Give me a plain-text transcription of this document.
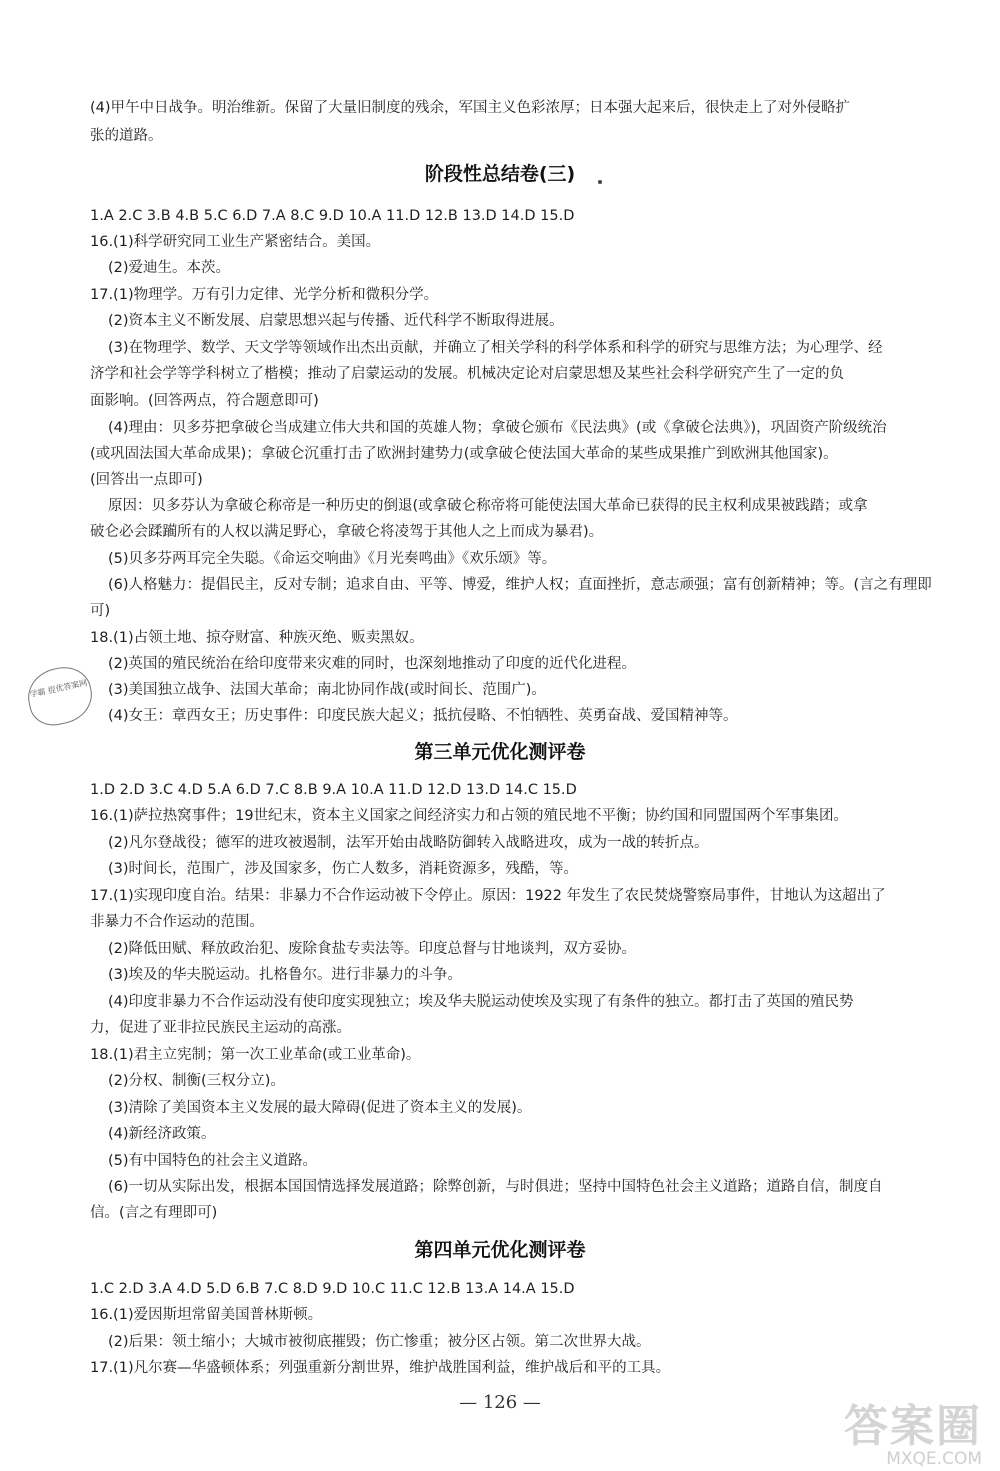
(4)甲午中日战争。明治维新。保留了大量旧制度的残余，军国主义色彩浓厚；日本强大起来后，很快走上了对外侵略扩
张的道路。
阶段性总结卷(三)
1.A 2.C 3.B 4.B 5.C 6.D 7.A 8.C 9.D 10.A 11.D 12.B 13.D 14.D 15.D
16.(1)科学研究同工业生产紧密结合。美国。
(2)爱迪生。本茨。
17.(1)物理学。万有引力定律、光学分析和微积分学。
(2)资本主义不断发展、启蒙思想兴起与传播、近代科学不断取得进展。
(3)在物理学、数学、天文学等领域作出杰出贡献，并确立了相关学科的科学体系和科学的研究与思维方法；为心理学、经
济学和社会学等学科树立了楷模；推动了启蒙运动的发展。机械决定论对启蒙思想及某些社会科学研究产生了一定的负
面影响。(回答两点，符合题意即可)
(4)理由：贝多芬把拿破仑当成建立伟大共和国的英雄人物；拿破仑颁布《民法典》(或《拿破仑法典》)，巩固资产阶级统治
(或巩固法国大革命成果)；拿破仑沉重打击了欧洲封建势力(或拿破仑使法国大革命的某些成果推广到欧洲其他国家)。
(回答出一点即可)
原因：贝多芬认为拿破仑称帝是一种历史的倒退(或拿破仑称帝将可能使法国大革命已获得的民主权利成果被践踏；或拿
破仑必会蹂躏所有的人权以满足野心，拿破仑将凌驾于其他人之上而成为暴君)。
(5)贝多芬两耳完全失聪。《命运交响曲》《月光奏鸣曲》《欢乐颂》等。
(6)人格魅力：提倡民主，反对专制；追求自由、平等、博爱，维护人权；直面挫折，意志顽强；富有创新精神；等。(言之有理即
可)
18.(1)占领土地、掠夺财富、种族灭绝、贩卖黑奴。
(2)英国的殖民统治在给印度带来灾难的同时，也深刻地推动了印度的近代化进程。
(3)美国独立战争、法国大革命；南北协同作战(或时间长、范围广)。
(4)女王：章西女王；历史事件：印度民族大起义；抵抗侵略、不怕牺牲、英勇奋战、爱国精神等。
学霸 提优答案网
第三单元优化测评卷
1.D 2.D 3.C 4.D 5.A 6.D 7.C 8.B 9.A 10.A 11.D 12.D 13.D 14.C 15.D
16.(1)萨拉热窝事件；19世纪末，资本主义国家之间经济实力和占领的殖民地不平衡；协约国和同盟国两个军事集团。
(2)凡尔登战役；德军的进攻被遏制，法军开始由战略防御转入战略进攻，成为一战的转折点。
(3)时间长，范围广，涉及国家多，伤亡人数多，消耗资源多，残酷，等。
17.(1)实现印度自治。结果：非暴力不合作运动被下令停止。原因：1922 年发生了农民焚烧警察局事件，甘地认为这超出了
非暴力不合作运动的范围。
(2)降低田赋、释放政治犯、废除食盐专卖法等。印度总督与甘地谈判，双方妥协。
(3)埃及的华夫脱运动。扎格鲁尔。进行非暴力的斗争。
(4)印度非暴力不合作运动没有使印度实现独立；埃及华夫脱运动使埃及实现了有条件的独立。都打击了英国的殖民势
力，促进了亚非拉民族民主运动的高涨。
18.(1)君主立宪制；第一次工业革命(或工业革命)。
(2)分权、制衡(三权分立)。
(3)清除了美国资本主义发展的最大障碍(促进了资本主义的发展)。
(4)新经济政策。
(5)有中国特色的社会主义道路。
(6)一切从实际出发，根据本国国情选择发展道路；除弊创新，与时俱进；坚持中国特色社会主义道路；道路自信，制度自
信。(言之有理即可)
第四单元优化测评卷
1.C 2.D 3.A 4.D 5.D 6.B 7.C 8.D 9.D 10.C 11.C 12.B 13.A 14.A 15.D
16.(1)爱因斯坦常留美国普林斯顿。
(2)后果：领土缩小；大城市被彻底摧毁；伤亡惨重；被分区占领。第二次世界大战。
17.(1)凡尔赛—华盛顿体系；列强重新分割世界，维护战胜国利益，维护战后和平的工具。
— 126 —	答案圈
MXQE.COM
